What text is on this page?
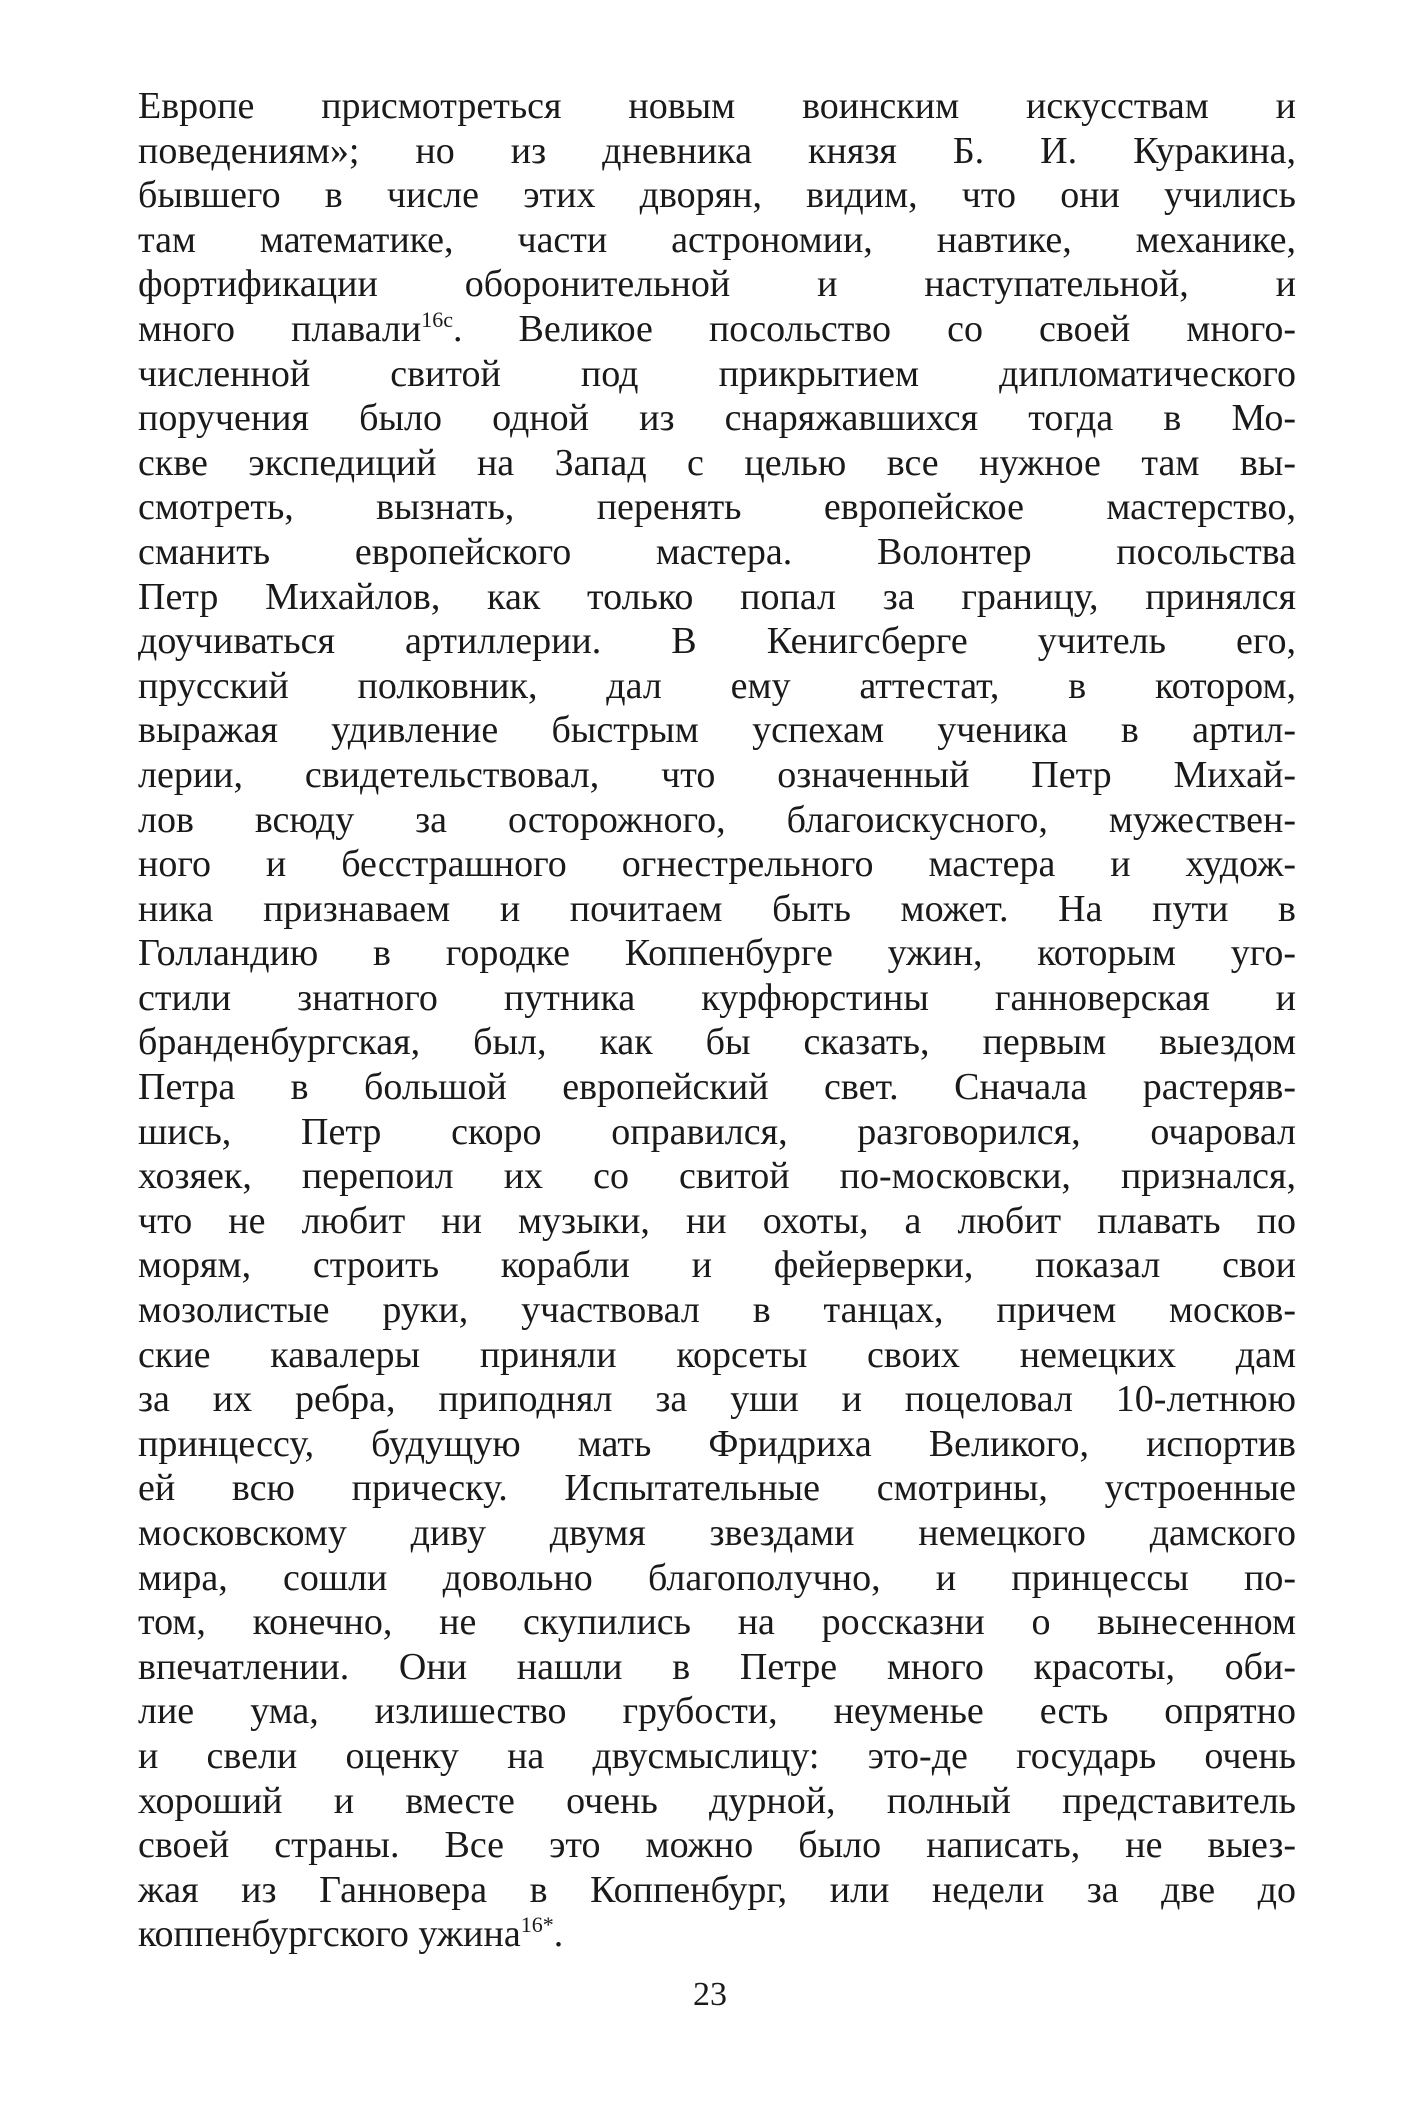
Европе присмотреться новым воинским искусствам и
поведениям»; но из дневника князя Б. И. Куракина,
бывшего в числе этих дворян, видим, что они учились
там математике, части астрономии, навтике, механике,
фортификации оборонительной и наступательной, и
много плавали$^{16с}$. Великое посольство со своей много-
численной свитой под прикрытием дипломатического
поручения было одной из снаряжавшихся тогда в Мо-
скве экспедиций на Запад с целью все нужное там вы-
смотреть, вызнать, перенять европейское мастерство,
сманить европейского мастера. Волонтер посольства
Петр Михайлов, как только попал за границу, принялся
доучиваться артиллерии. В Кенигсберге учитель его,
прусский полковник, дал ему аттестат, в котором,
выражая удивление быстрым успехам ученика в артил-
лерии, свидетельствовал, что означенный Петр Михай-
лов всюду за осторожного, благоискусного, мужествен-
ного и бесстрашного огнестрельного мастера и худож-
ника признаваем и почитаем быть может. На пути в
Голландию в городке Коппенбурге ужин, которым уго-
стили знатного путника курфюрстины ганноверская и
бранденбургская, был, как бы сказать, первым выездом
Петра в большой европейский свет. Сначала растеряв-
шись, Петр скоро оправился, разговорился, очаровал
хозяек, перепоил их со свитой по-московски, признался,
что не любит ни музыки, ни охоты, а любит плавать по
морям, строить корабли и фейерверки, показал свои
мозолистые руки, участвовал в танцах, причем москов-
ские кавалеры приняли корсеты своих немецких дам
за их ребра, приподнял за уши и поцеловал 10-летнюю
принцессу, будущую мать Фридриха Великого, испортив
ей всю прическу. Испытательные смотрины, устроенные
московскому диву двумя звездами немецкого дамского
мира, сошли довольно благополучно, и принцессы по-
том, конечно, не скупились на россказни о вынесенном
впечатлении. Они нашли в Петре много красоты, оби-
лие ума, излишество грубости, неуменье есть опрятно
и свели оценку на двусмыслицу: это-де государь очень
хороший и вместе очень дурной, полный представитель
своей страны. Все это можно было написать, не выез-
жая из Ганновера в Коппенбург, или недели за две до
коппенбургского ужина$^{16*}$.
23
